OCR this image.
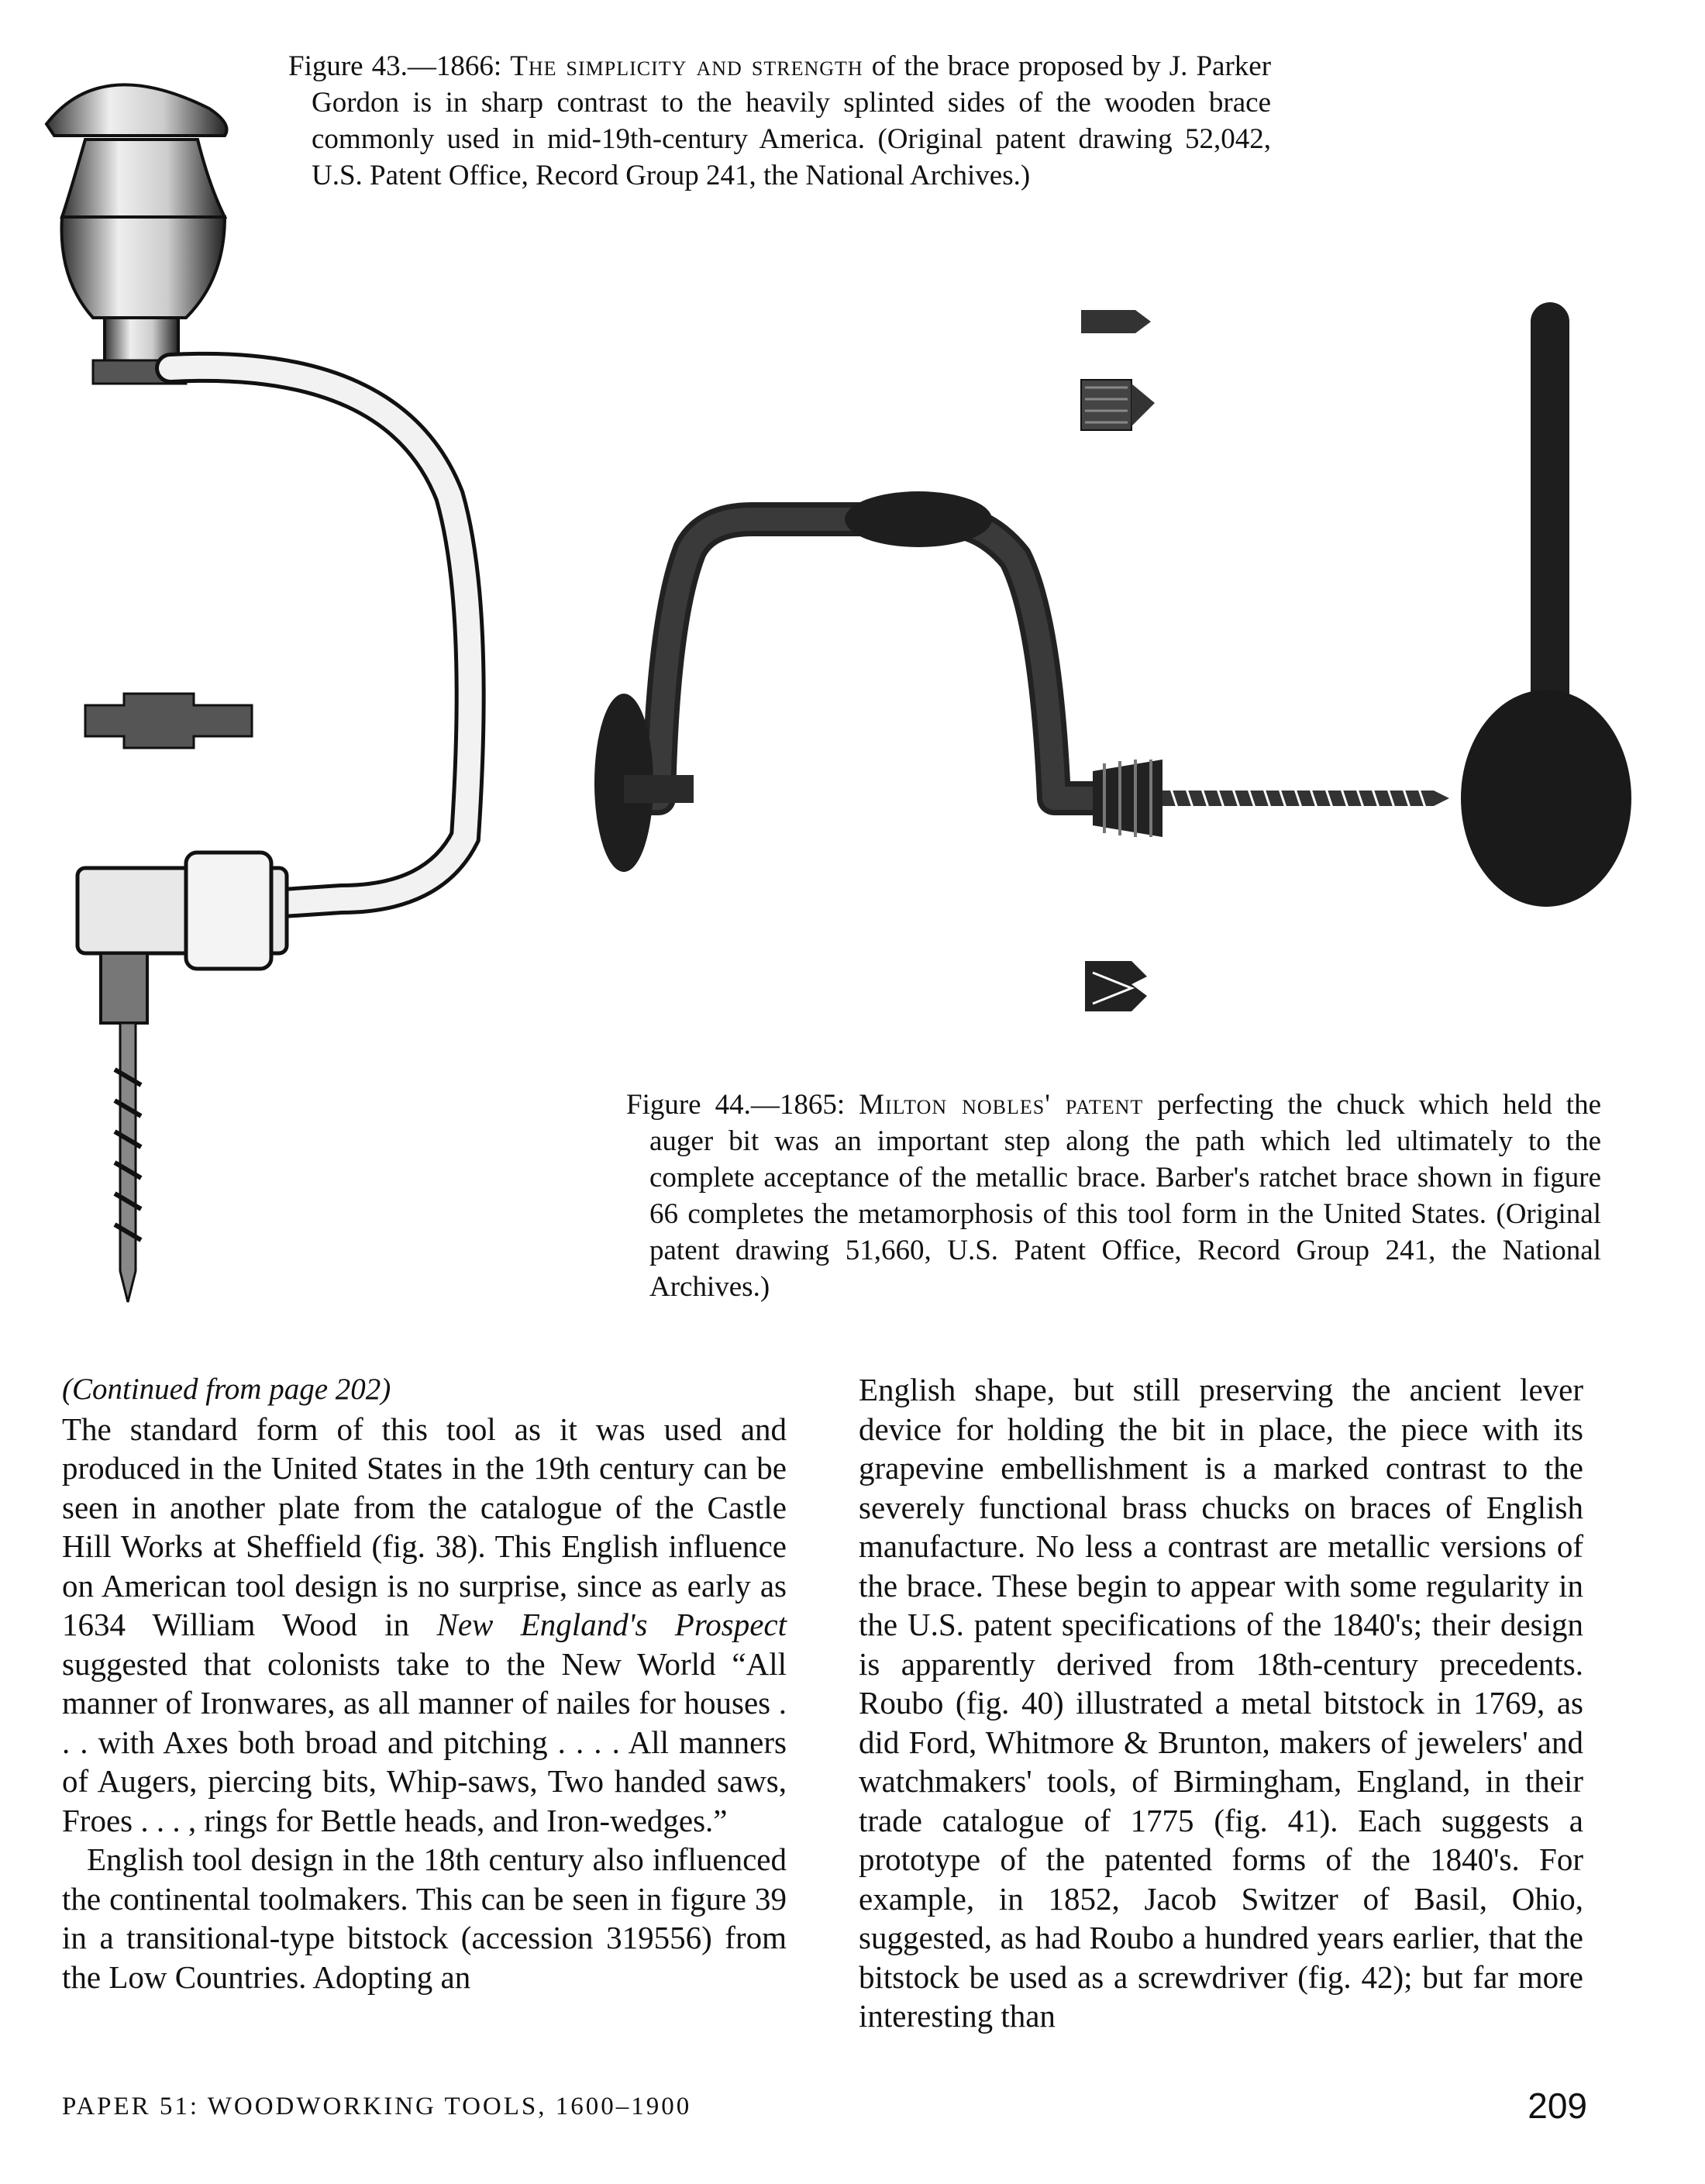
Figure 43.—1866: The simplicity and strength of the brace proposed by J. Parker Gordon is in sharp contrast to the heavily splinted sides of the wooden brace commonly used in mid-19th-century America. (Original patent drawing 52,042, U.S. Patent Office, Record Group 241, the National Archives.)
Figure 44.—1865: Milton nobles' patent perfecting the chuck which held the auger bit was an important step along the path which led ultimately to the complete acceptance of the metallic brace. Barber's ratchet brace shown in figure 66 completes the metamorphosis of this tool form in the United States. (Original patent drawing 51,660, U.S. Patent Office, Record Group 241, the National Archives.)

(Continued from page 202)

The standard form of this tool as it was used and produced in the United States in the 19th century can be seen in another plate from the catalogue of the Castle Hill Works at Sheffield (fig. 38). This English influence on American tool design is no surprise, since as early as 1634 William Wood in New England's Prospect suggested that colonists take to the New World “All manner of Ironwares, as all manner of nailes for houses . . . with Axes both broad and pitching . . . . All manners of Augers, piercing bits, Whip-saws, Two handed saws, Froes . . . , rings for Bettle heads, and Iron-wedges.”

English tool design in the 18th century also influenced the continental toolmakers. This can be seen in figure 39 in a transitional-type bitstock (accession 319556) from the Low Countries. Adopting an

English shape, but still preserving the ancient lever device for holding the bit in place, the piece with its grapevine embellishment is a marked contrast to the severely functional brass chucks on braces of English manufacture. No less a contrast are metallic versions of the brace. These begin to appear with some regularity in the U.S. patent specifications of the 1840's; their design is apparently derived from 18th-century precedents. Roubo (fig. 40) illustrated a metal bitstock in 1769, as did Ford, Whitmore & Brunton, makers of jewelers' and watchmakers' tools, of Birmingham, England, in their trade catalogue of 1775 (fig. 41). Each suggests a prototype of the patented forms of the 1840's. For example, in 1852, Jacob Switzer of Basil, Ohio, suggested, as had Roubo a hundred years earlier, that the bitstock be used as a screwdriver (fig. 42); but far more interesting than

PAPER 51: WOODWORKING TOOLS, 1600–1900	209
